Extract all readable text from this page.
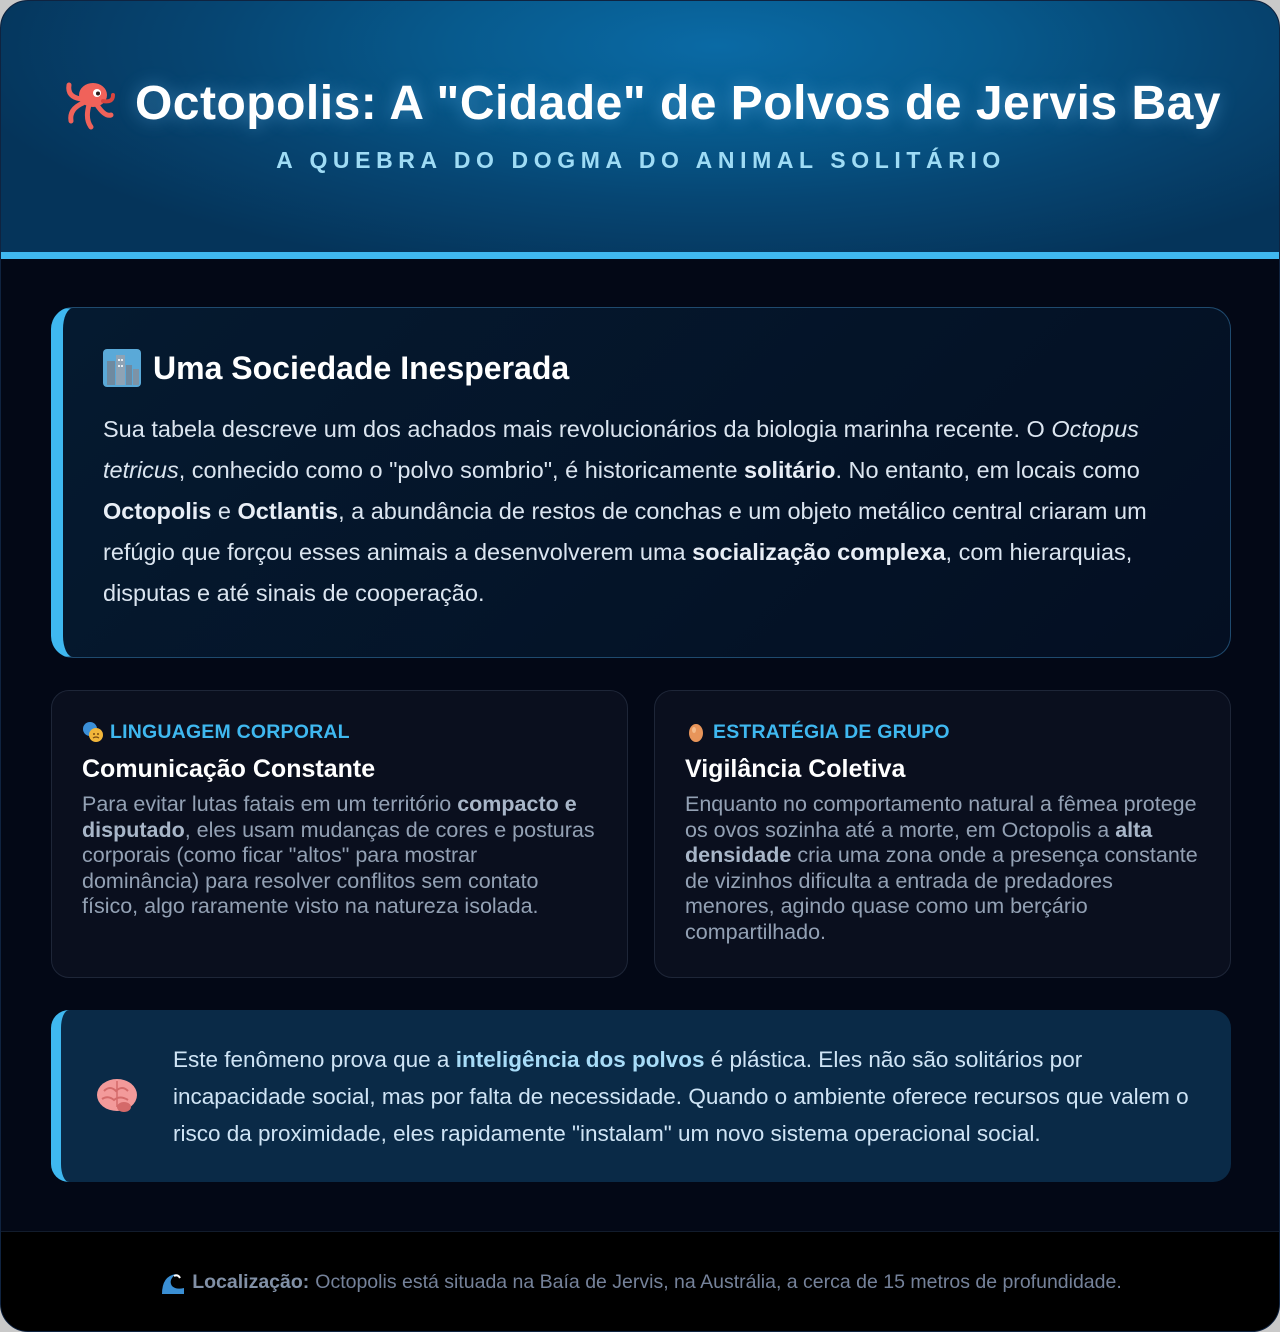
Octopolis: A "Cidade" de Polvos de Jervis Bay
A QUEBRA DO DOGMA DO ANIMAL SOLITÁRIO
Uma Sociedade Inesperada

Sua tabela descreve um dos achados mais revolucionários da biologia marinha recente. O Octopus tetricus, conhecido como o "polvo sombrio", é historicamente solitário. No entanto, em locais como Octopolis e Octlantis, a abundância de restos de conchas e um objeto metálico central criaram um refúgio que forçou esses animais a desenvolverem uma socialização complexa, com hierarquias, disputas e até sinais de cooperação.

LINGUAGEM CORPORAL
Comunicação Constante

Para evitar lutas fatais em um território compacto e disputado, eles usam mudanças de cores e posturas corporais (como ficar "altos" para mostrar dominância) para resolver conflitos sem contato físico, algo raramente visto na natureza isolada.

ESTRATÉGIA DE GRUPO
Vigilância Coletiva

Enquanto no comportamento natural a fêmea protege os ovos sozinha até a morte, em Octopolis a alta densidade cria uma zona onde a presença constante de vizinhos dificulta a entrada de predadores menores, agindo quase como um berçário compartilhado.

Este fenômeno prova que a inteligência dos polvos é plástica. Eles não são solitários por incapacidade social, mas por falta de necessidade. Quando o ambiente oferece recursos que valem o risco da proximidade, eles rapidamente "instalam" um novo sistema operacional social.

Localização: Octopolis está situada na Baía de Jervis, na Austrália, a cerca de 15 metros de profundidade.
